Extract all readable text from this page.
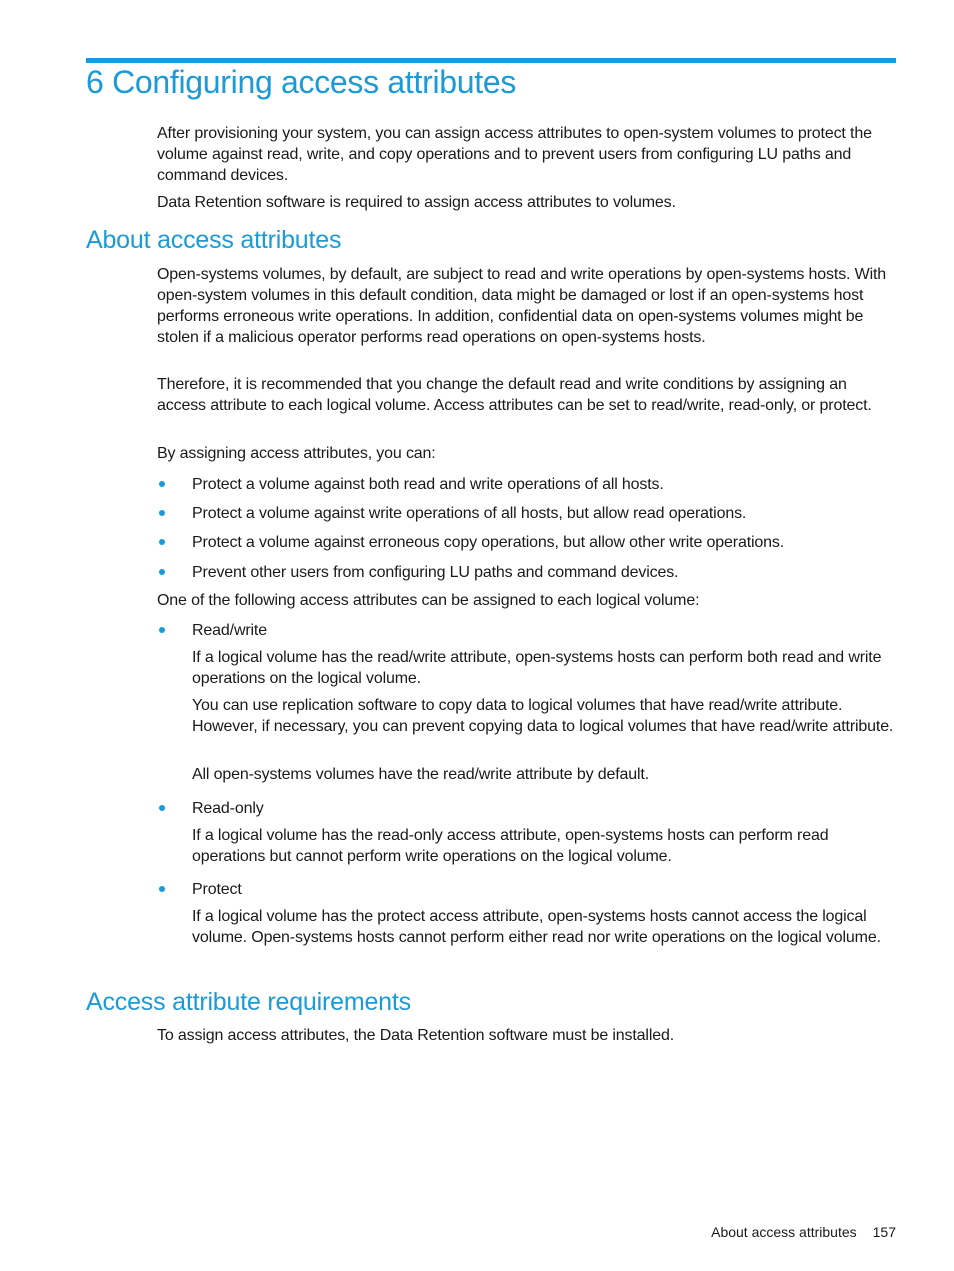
6 Configuring access attributes

After provisioning your system, you can assign access attributes to open-system volumes to protect the volume against read, write, and copy operations and to prevent users from configuring LU paths and command devices.

Data Retention software is required to assign access attributes to volumes.

About access attributes

Open-systems volumes, by default, are subject to read and write operations by open-systems hosts. With open-system volumes in this default condition, data might be damaged or lost if an open-systems host performs erroneous write operations. In addition, confidential data on open-systems volumes might be stolen if a malicious operator performs read operations on open-systems hosts.

Therefore, it is recommended that you change the default read and write conditions by assigning an access attribute to each logical volume. Access attributes can be set to read/write, read-only, or protect.

By assigning access attributes, you can:

Protect a volume against both read and write operations of all hosts.
Protect a volume against write operations of all hosts, but allow read operations.
Protect a volume against erroneous copy operations, but allow other write operations.
Prevent other users from configuring LU paths and command devices.

One of the following access attributes can be assigned to each logical volume:

Read/write

If a logical volume has the read/write attribute, open-systems hosts can perform both read and write operations on the logical volume.

You can use replication software to copy data to logical volumes that have read/write attribute. However, if necessary, you can prevent copying data to logical volumes that have read/write attribute.

All open-systems volumes have the read/write attribute by default.

Read-only

If a logical volume has the read-only access attribute, open-systems hosts can perform read operations but cannot perform write operations on the logical volume.

Protect

If a logical volume has the protect access attribute, open-systems hosts cannot access the logical volume. Open-systems hosts cannot perform either read nor write operations on the logical volume.

Access attribute requirements

To assign access attributes, the Data Retention software must be installed.

About access attributes 157
